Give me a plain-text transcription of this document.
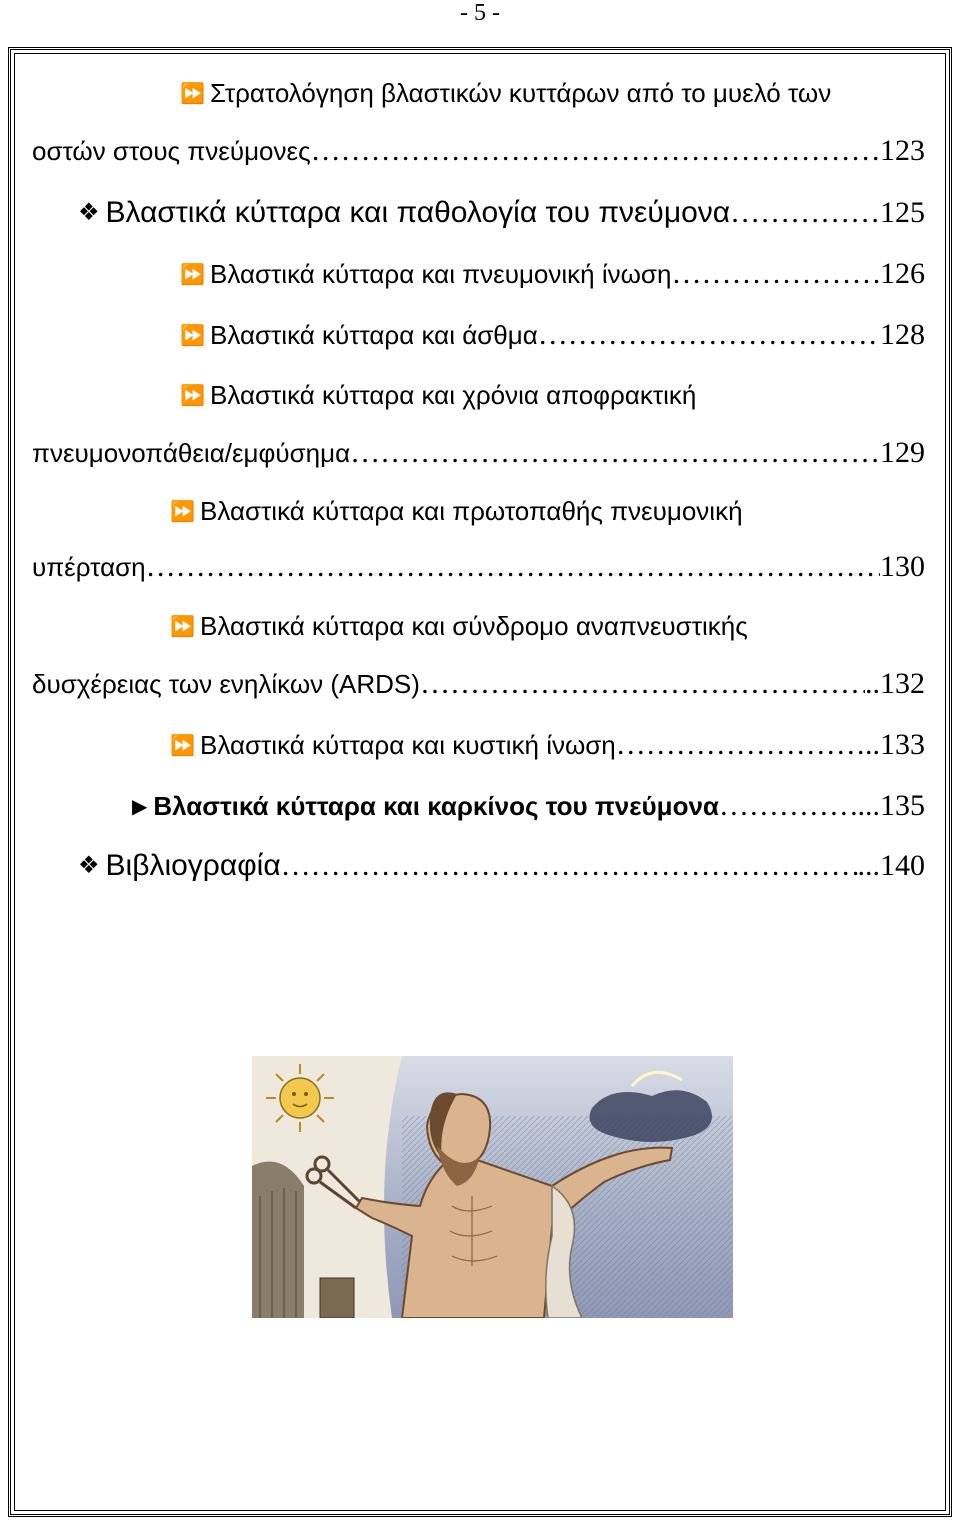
- 5 -
⏩ Στρατολόγηση βλαστικών κυττάρων από το μυελό των
οστών στους πνεύμονες ……………………………………………………………………………………………………………………………………	123
❖ Βλαστικά κύτταρα και παθολογία του πνεύμονα ……………………………………………………………………………………………………………………………………	125
⏩ Βλαστικά κύτταρα και πνευμονική ίνωση ……………………………………………………………………………………………………………………………………	126
⏩ Βλαστικά κύτταρα και άσθμα ……………………………………………………………………………………………………………………………………	128
⏩ Βλαστικά κύτταρα και χρόνια αποφρακτική
πνευμονοπάθεια/εμφύσημα ……………………………………………………………………………………………………………………………………	129
⏩ Βλαστικά κύτταρα και πρωτοπαθής πνευμονική
υπέρταση ……………………………………………………………………………………………………………………………………	130
⏩ Βλαστικά κύτταρα και σύνδρομο αναπνευστικής
δυσχέρειας των ενηλίκων (ARDS) ……………………………………………………………………………………………………………………………………	..132
⏩ Βλαστικά κύτταρα και κυστική ίνωση ……………………………………………………………………………………………………………………………………	..133
▶ Βλαστικά κύτταρα και καρκίνος του πνεύμονα ……………………………………………………………………………………………………………………………………	...135
❖ Βιβλιογραφία ……………………………………………………………………………………………………………………………………	...140
